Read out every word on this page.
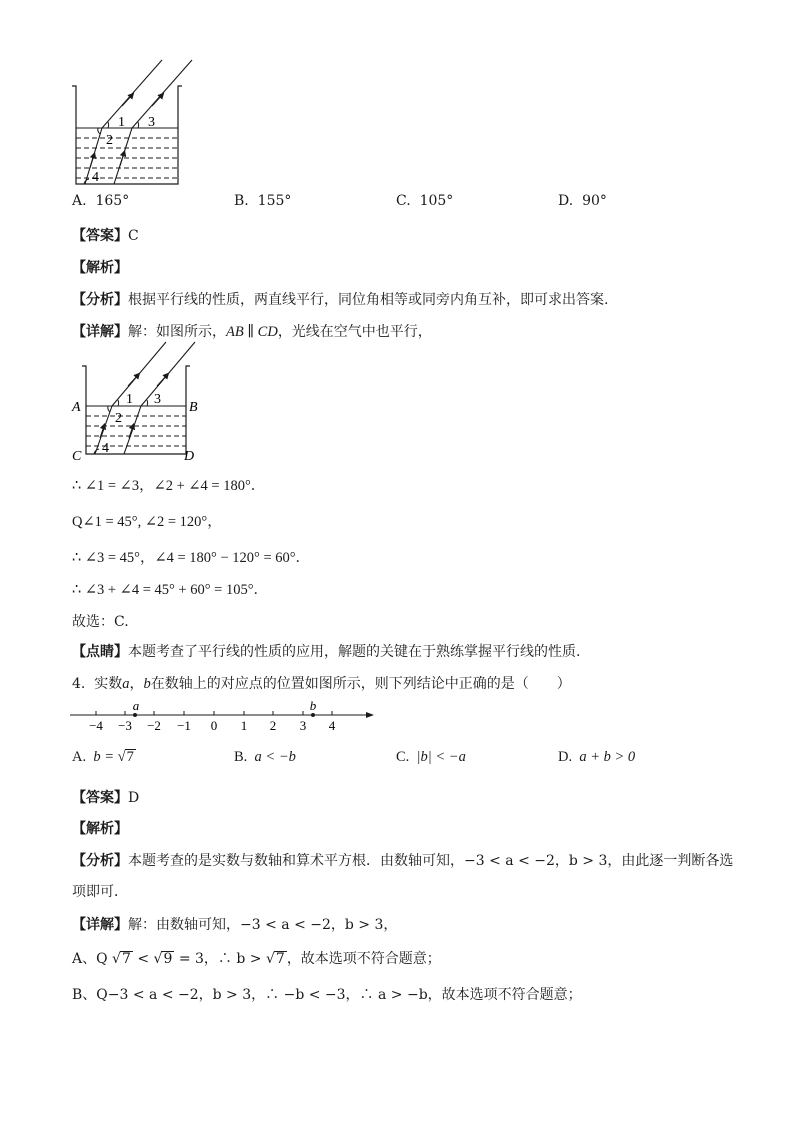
1
2
3
4
A. 165°	B. 155°	C. 105°	D. 90°
【答案】C
【解析】
【分析】根据平行线的性质，两直线平行，同位角相等或同旁内角互补，即可求出答案.
【详解】解：如图所示，AB ∥ CD，光线在空气中也平行，
1
2
3
4
A	B
C	D
∴ ∠1 = ∠3，∠2 + ∠4 = 180°．
Q∠1 = 45°, ∠2 = 120°，
∴ ∠3 = 45°，∠4 = 180° − 120° = 60°．
∴ ∠3 + ∠4 = 45° + 60° = 105°．
故选：C.
【点睛】本题考查了平行线的性质的应用，解题的关键在于熟练掌握平行线的性质.
4. 实数a，b在数轴上的对应点的位置如图所示，则下列结论中正确的是（　　）
−4 −3 −2 −1 0 1 2 3 4
a	b
A. b = √7	B. a < −b	C. |b| < −a	D. a + b > 0
【答案】D
【解析】
【分析】本题考查的是实数与数轴和算术平方根．由数轴可知，−3 < a < −2，b > 3，由此逐一判断各选
项即可．
【详解】解：由数轴可知，−3 < a < −2，b > 3，
A、Q √7 < √9 = 3，∴ b > √7 ，故本选项不符合题意；
B、Q−3 < a < −2，b > 3，∴ −b < −3，∴ a > −b，故本选项不符合题意；
